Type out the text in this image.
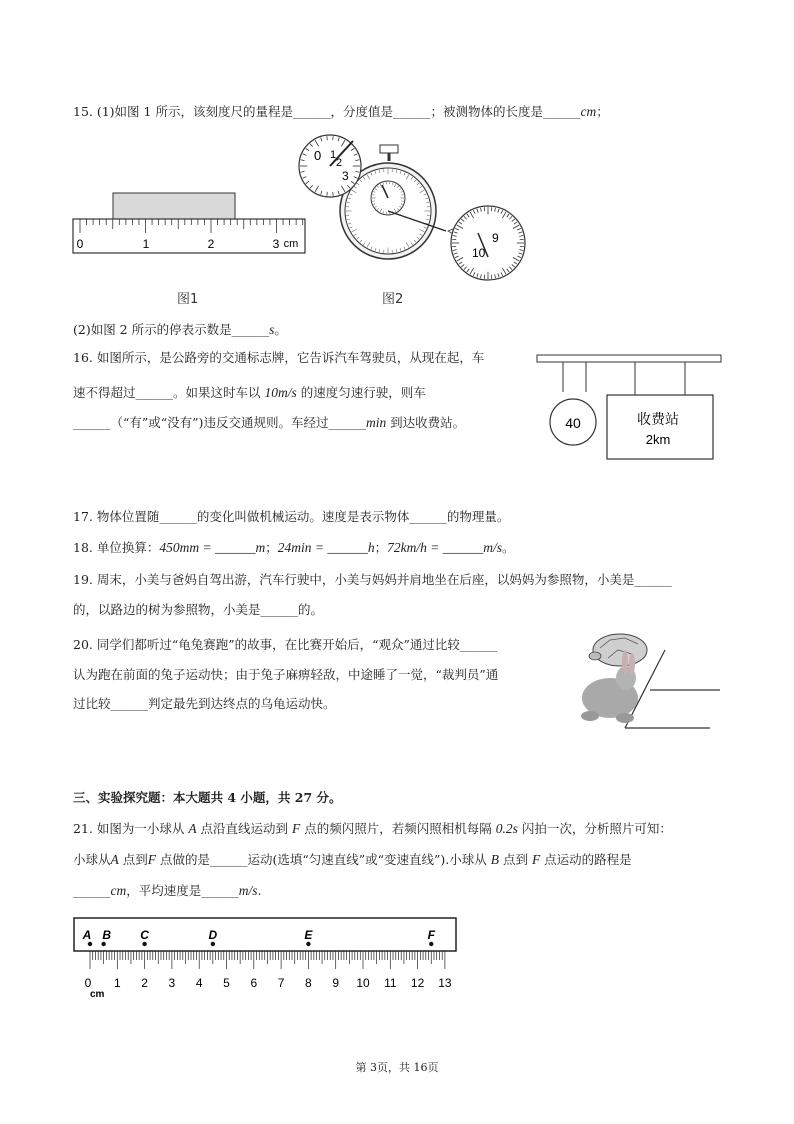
15. (1)如图 1 所示，该刻度尺的量程是______，分度值是______；被测物体的长度是______cm；
0	1	2	3 cm
图1
0 1
2
3
9
10
图2
(2)如图 2 所示的停表示数是______s。
16. 如图所示，是公路旁的交通标志牌，它告诉汽车驾驶员，从现在起，车
速不得超过______。如果这时车以 10m/s 的速度匀速行驶，则车
______（“有”或“没有”)违反交通规则。车经过______min 到达收费站。	40	收费站
2km
17. 物体位置随______的变化叫做机械运动。速度是表示物体______的物理量。
18. 单位换算：450mm = ______m；24min = ______h；72km/h = ______m/s。
19. 周末，小美与爸妈自驾出游，汽车行驶中，小美与妈妈并肩地坐在后座，以妈妈为参照物，小美是______
的，以路边的树为参照物，小美是______的。
20. 同学们都听过“龟兔赛跑”的故事，在比赛开始后，“观众”通过比较______
认为跑在前面的兔子运动快；由于兔子麻痹轻敌，中途睡了一觉，“裁判员”通
过比较______判定最先到达终点的乌龟运动快。
三、实验探究题：本大题共 4 小题，共 27 分。
21. 如图为一小球从 A 点沿直线运动到 F 点的频闪照片，若频闪照相机每隔 0.2s 闪拍一次，分析照片可知：
小球从A 点到F 点做的是______运动(选填“匀速直线”或“变速直线”).小球从 B 点到 F 点运动的路程是
______cm，平均速度是______m/s.
A B C	D	E	F
1 2 3 4 5 6 7 8 9 10 11 12 13
0
cm
第 3页，共 16页
